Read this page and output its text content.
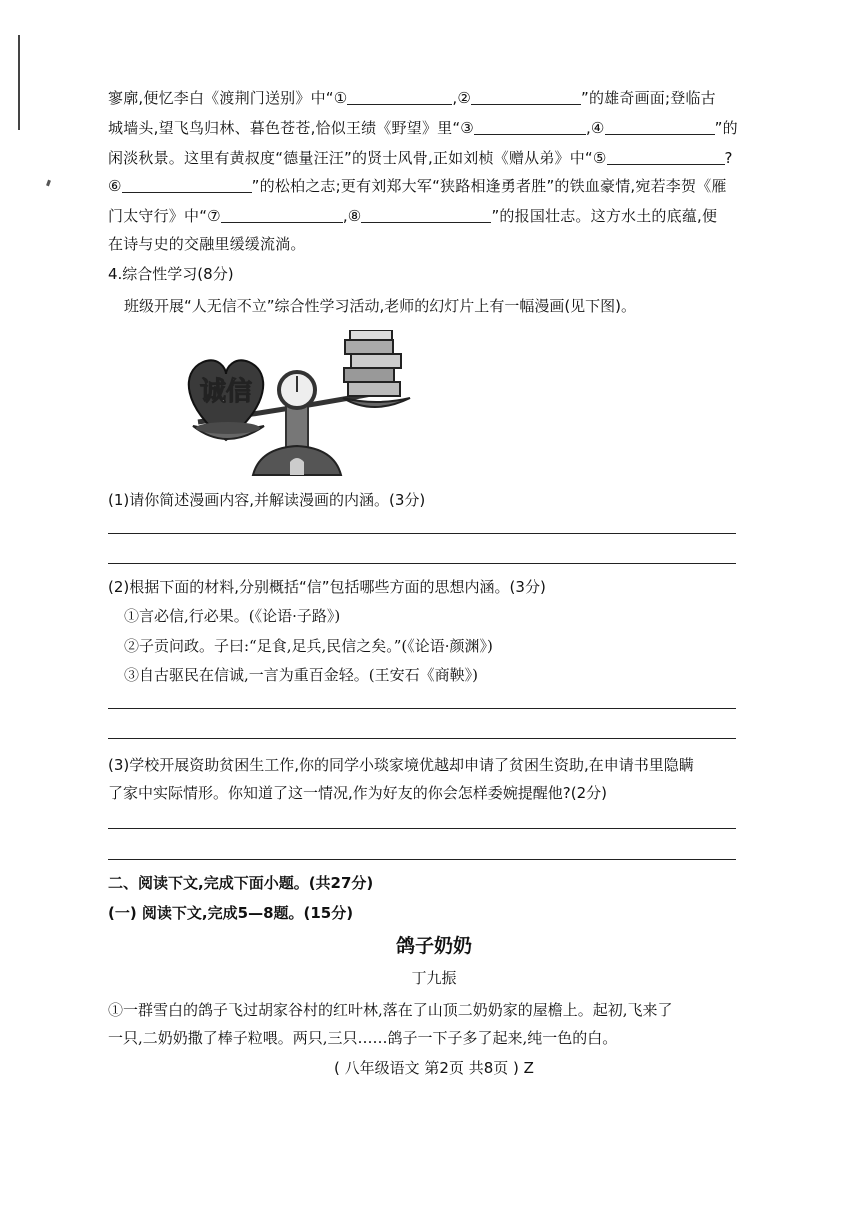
寥廓,便忆李白《渡荆门送别》中“①	,②	”的雄奇画面;登临古
城墙头,望飞鸟归林、暮色苍苍,恰似王绩《野望》里“③	,④	”的
闲淡秋景。这里有黄叔度“德量汪汪”的贤士风骨,正如刘桢《赠从弟》中“⑤	?
⑥	”的松柏之志;更有刘郑大军“狭路相逢勇者胜”的铁血豪情,宛若李贺《雁
门太守行》中“⑦	,⑧	”的报国壮志。这方水土的底蕴,便
在诗与史的交融里缓缓流淌。
4.综合性学习(8分)
班级开展“人无信不立”综合性学习活动,老师的幻灯片上有一幅漫画(见下图)。
诚信
(1)请你简述漫画内容,并解读漫画的内涵。(3分)
(2)根据下面的材料,分别概括“信”包括哪些方面的思想内涵。(3分)
①言必信,行必果。(《论语·子路》)
②子贡问政。子曰:“足食,足兵,民信之矣。”(《论语·颜渊》)
③自古驱民在信诚,一言为重百金轻。(王安石《商鞅》)
(3)学校开展资助贫困生工作,你的同学小琰家境优越却申请了贫困生资助,在申请书里隐瞒
了家中实际情形。你知道了这一情况,作为好友的你会怎样委婉提醒他?(2分)
二、阅读下文,完成下面小题。(共27分)
(一) 阅读下文,完成5—8题。(15分)
鸽子奶奶
丁九振
①一群雪白的鸽子飞过胡家谷村的红叶林,落在了山顶二奶奶家的屋檐上。起初,飞来了
一只,二奶奶撒了棒子粒喂。两只,三只……鸽子一下子多了起来,纯一色的白。
( 八年级语文 第2页 共8页 ) Z
